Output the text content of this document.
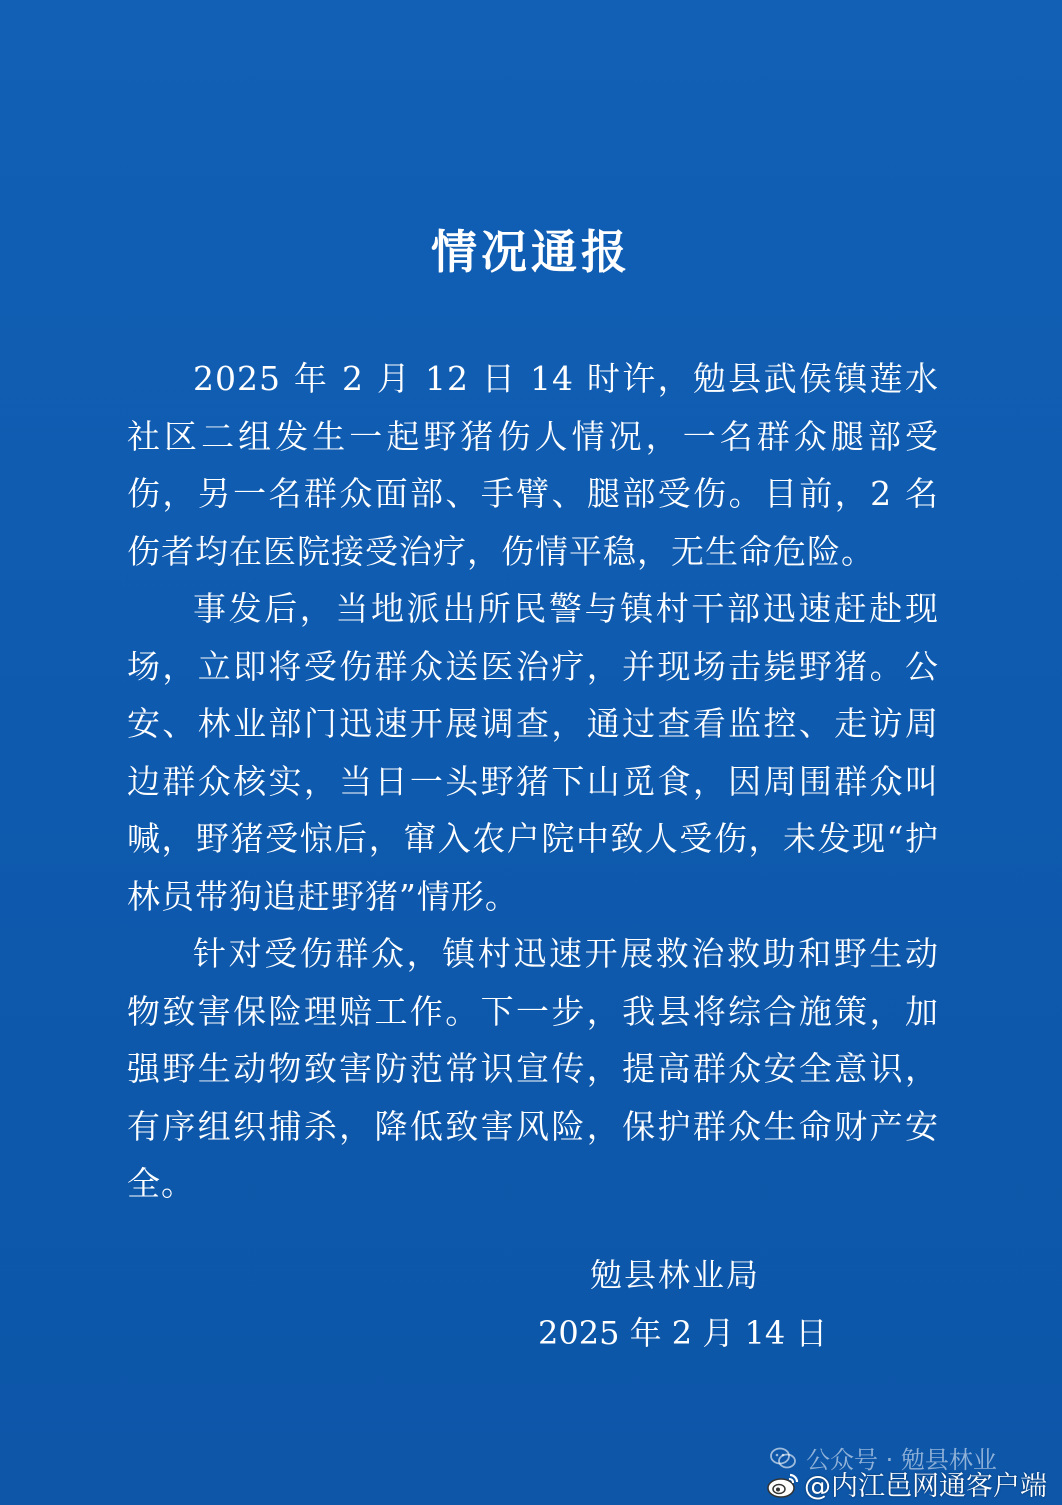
情况通报

2025 年 2 月 12 日 14 时许，勉县武侯镇莲水社区二组发生一起野猪伤人情况，一名群众腿部受伤，另一名群众面部、手臂、腿部受伤。目前，2 名伤者均在医院接受治疗，伤情平稳，无生命危险。

事发后，当地派出所民警与镇村干部迅速赶赴现场，立即将受伤群众送医治疗，并现场击毙野猪。公安、林业部门迅速开展调查，通过查看监控、走访周边群众核实，当日一头野猪下山觅食，因周围群众叫喊，野猪受惊后，窜入农户院中致人受伤，未发现“护林员带狗追赶野猪”情形。

针对受伤群众，镇村迅速开展救治救助和野生动物致害保险理赔工作。下一步，我县将综合施策，加强野生动物致害防范常识宣传，提高群众安全意识，有序组织捕杀，降低致害风险，保护群众生命财产安全。

勉县林业局
2025 年 2 月 14 日
公众号 · 勉县林业
@内江邑网通客户端
